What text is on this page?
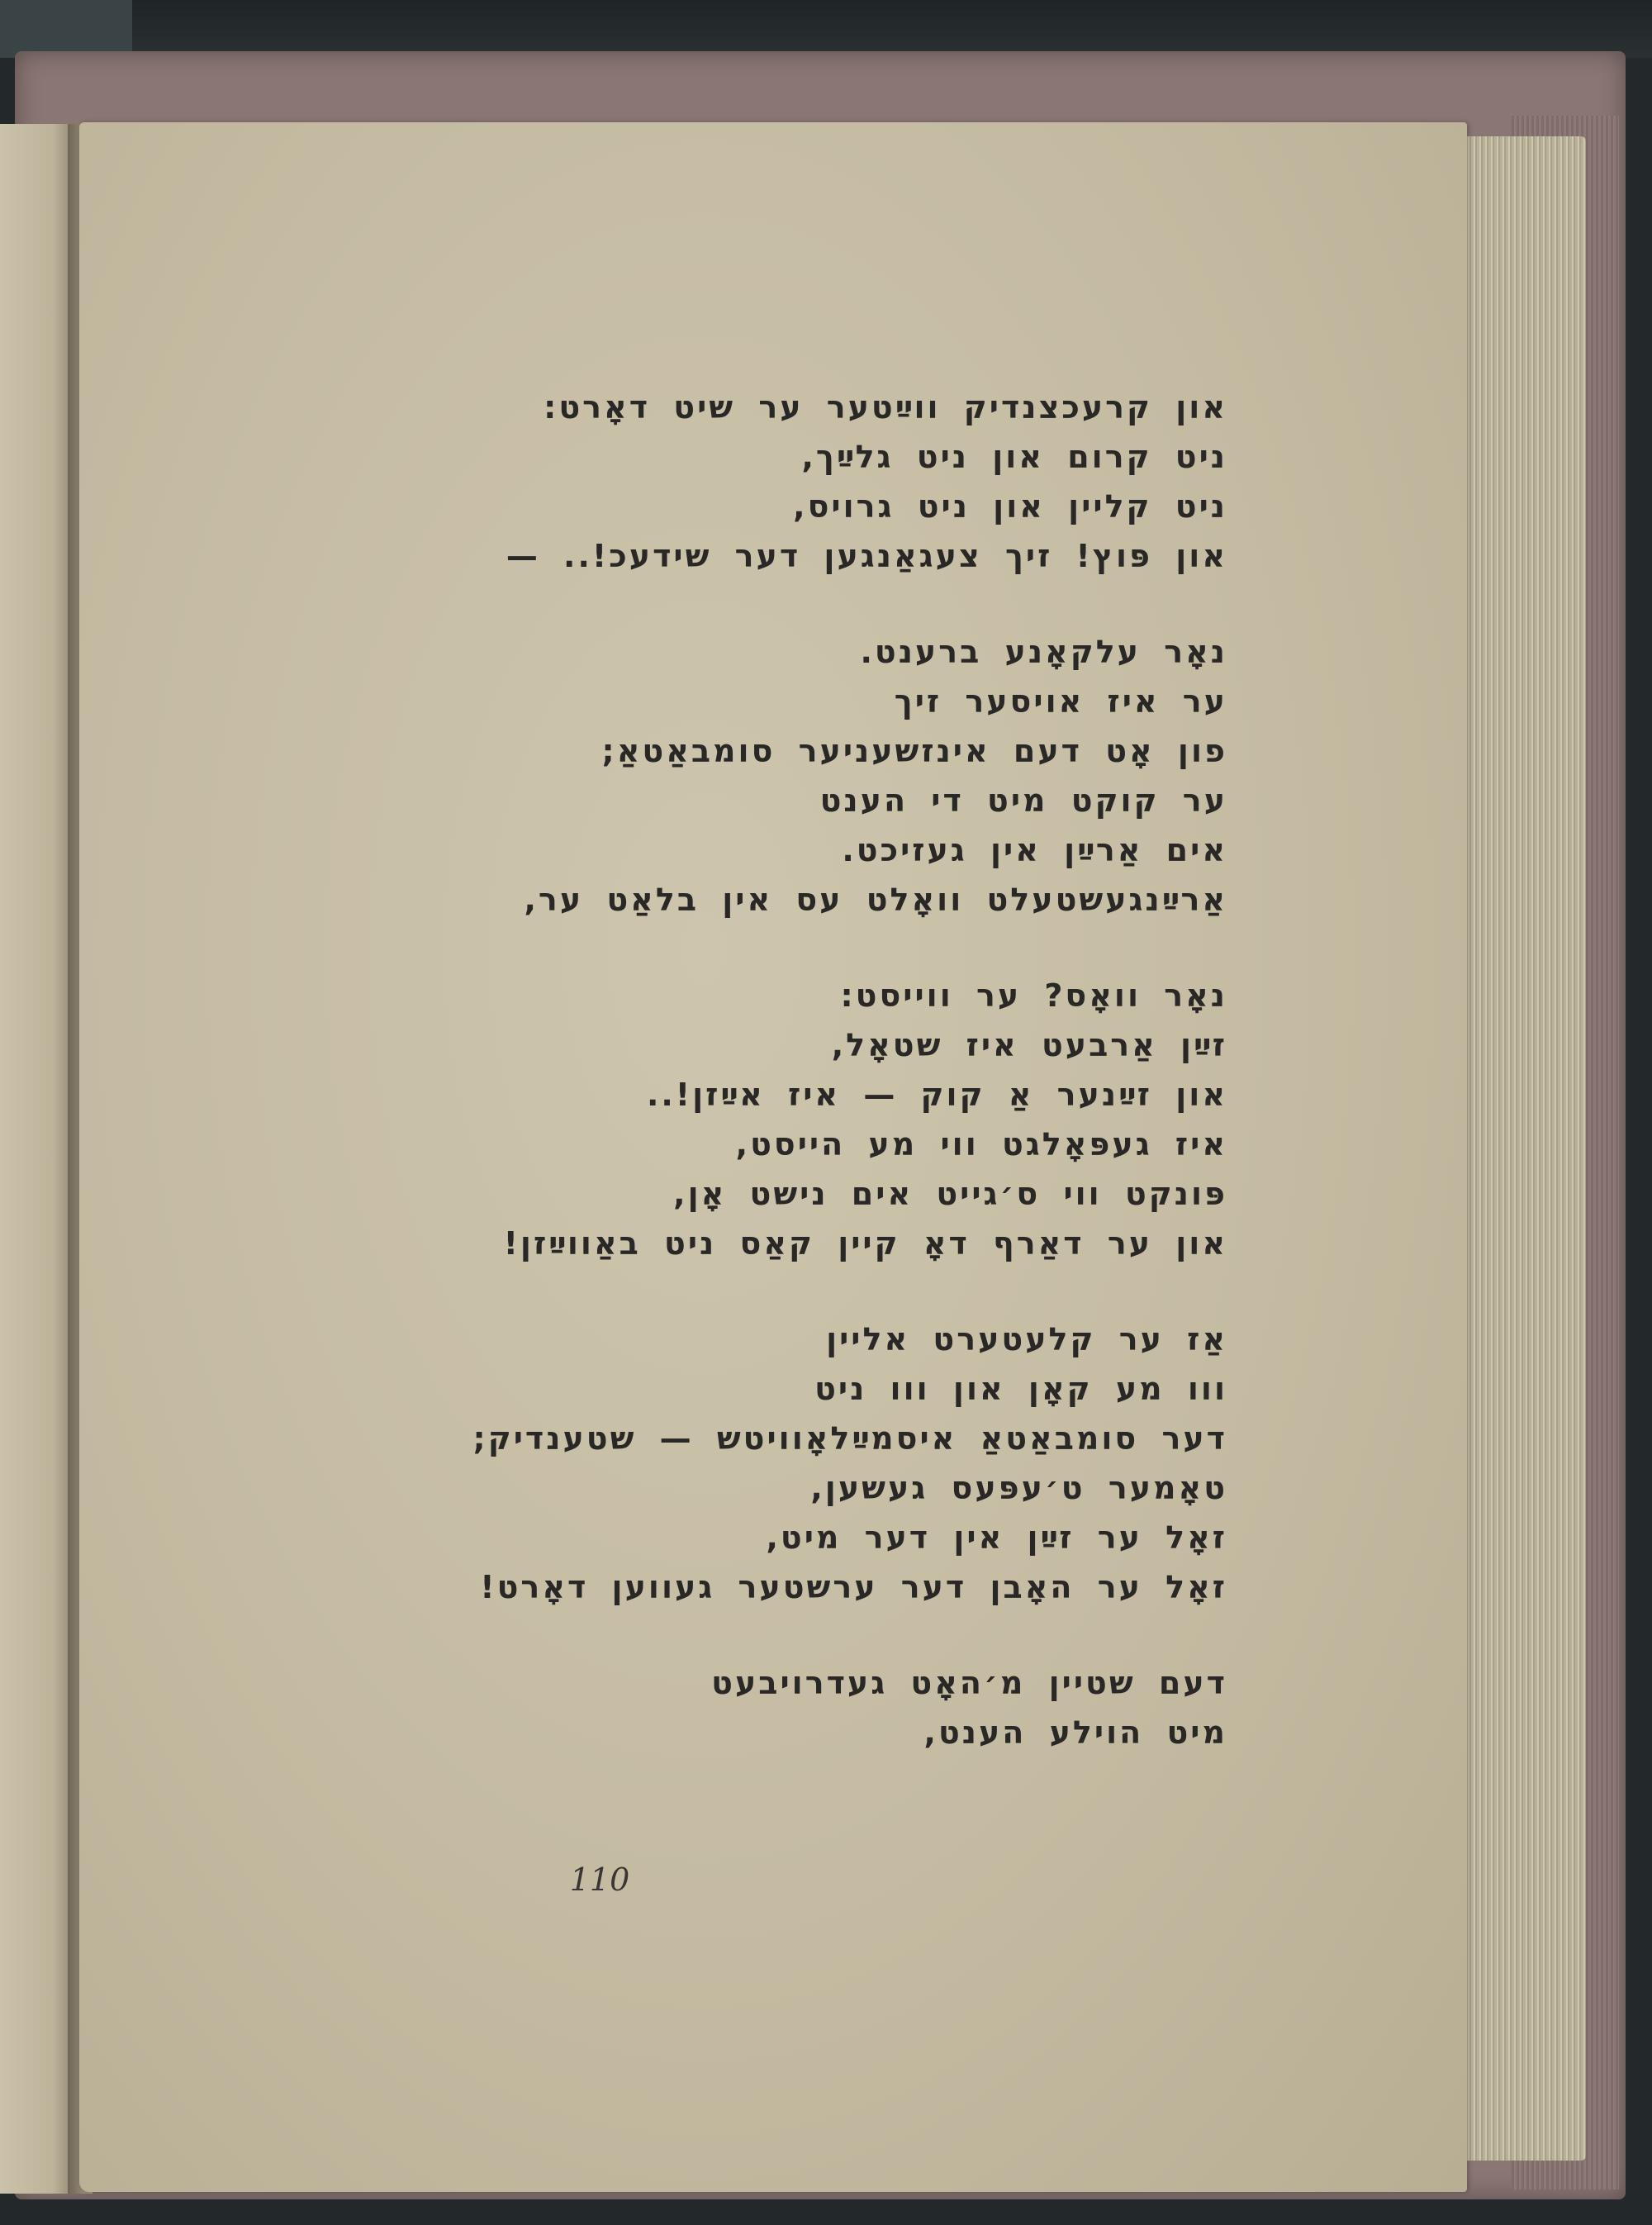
און קרעכצנדיק ווײַטער ער שיט דאָרט:
ניט קרום און ניט גלײַך,
ניט קליין און ניט גרויס,
און פּוץ! זיך צעגאַנגען דער שידעכ!.. —
נאָר עלקאָנע ברענט.
ער איז אויסער זיך
פון אָט דעם אינזשעניער סומבאַטאַ;
ער קוקט מיט די הענט
אים אַרײַן אין געזיכט.
אַרײַנגעשטעלט וואָלט עס אין בלאַט ער,
נאָר וואָס? ער ווייסט:
זײַן אַרבעט איז שטאָל,
און זײַנער אַ קוק — איז אײַזן!..
איז געפּאָלגט ווי מע הייסט,
פּונקט ווי ס׳גייט אים נישט אָן,
און ער דאַרף דאָ קיין קאַס ניט באַווײַזן!
אַז ער קלעטערט אליין
ווו מע קאָן און ווו ניט
דער סומבאַטאַ איסמײַלאָוויטש — שטענדיק;
טאָמער ט׳עפּעס געשען,
זאָל ער זײַן אין דער מיט,
זאָל ער האָבן דער ערשטער געווען דאָרט!
דעם שטיין מ׳האָט געדרויבעט
מיט הוילע הענט,
110
